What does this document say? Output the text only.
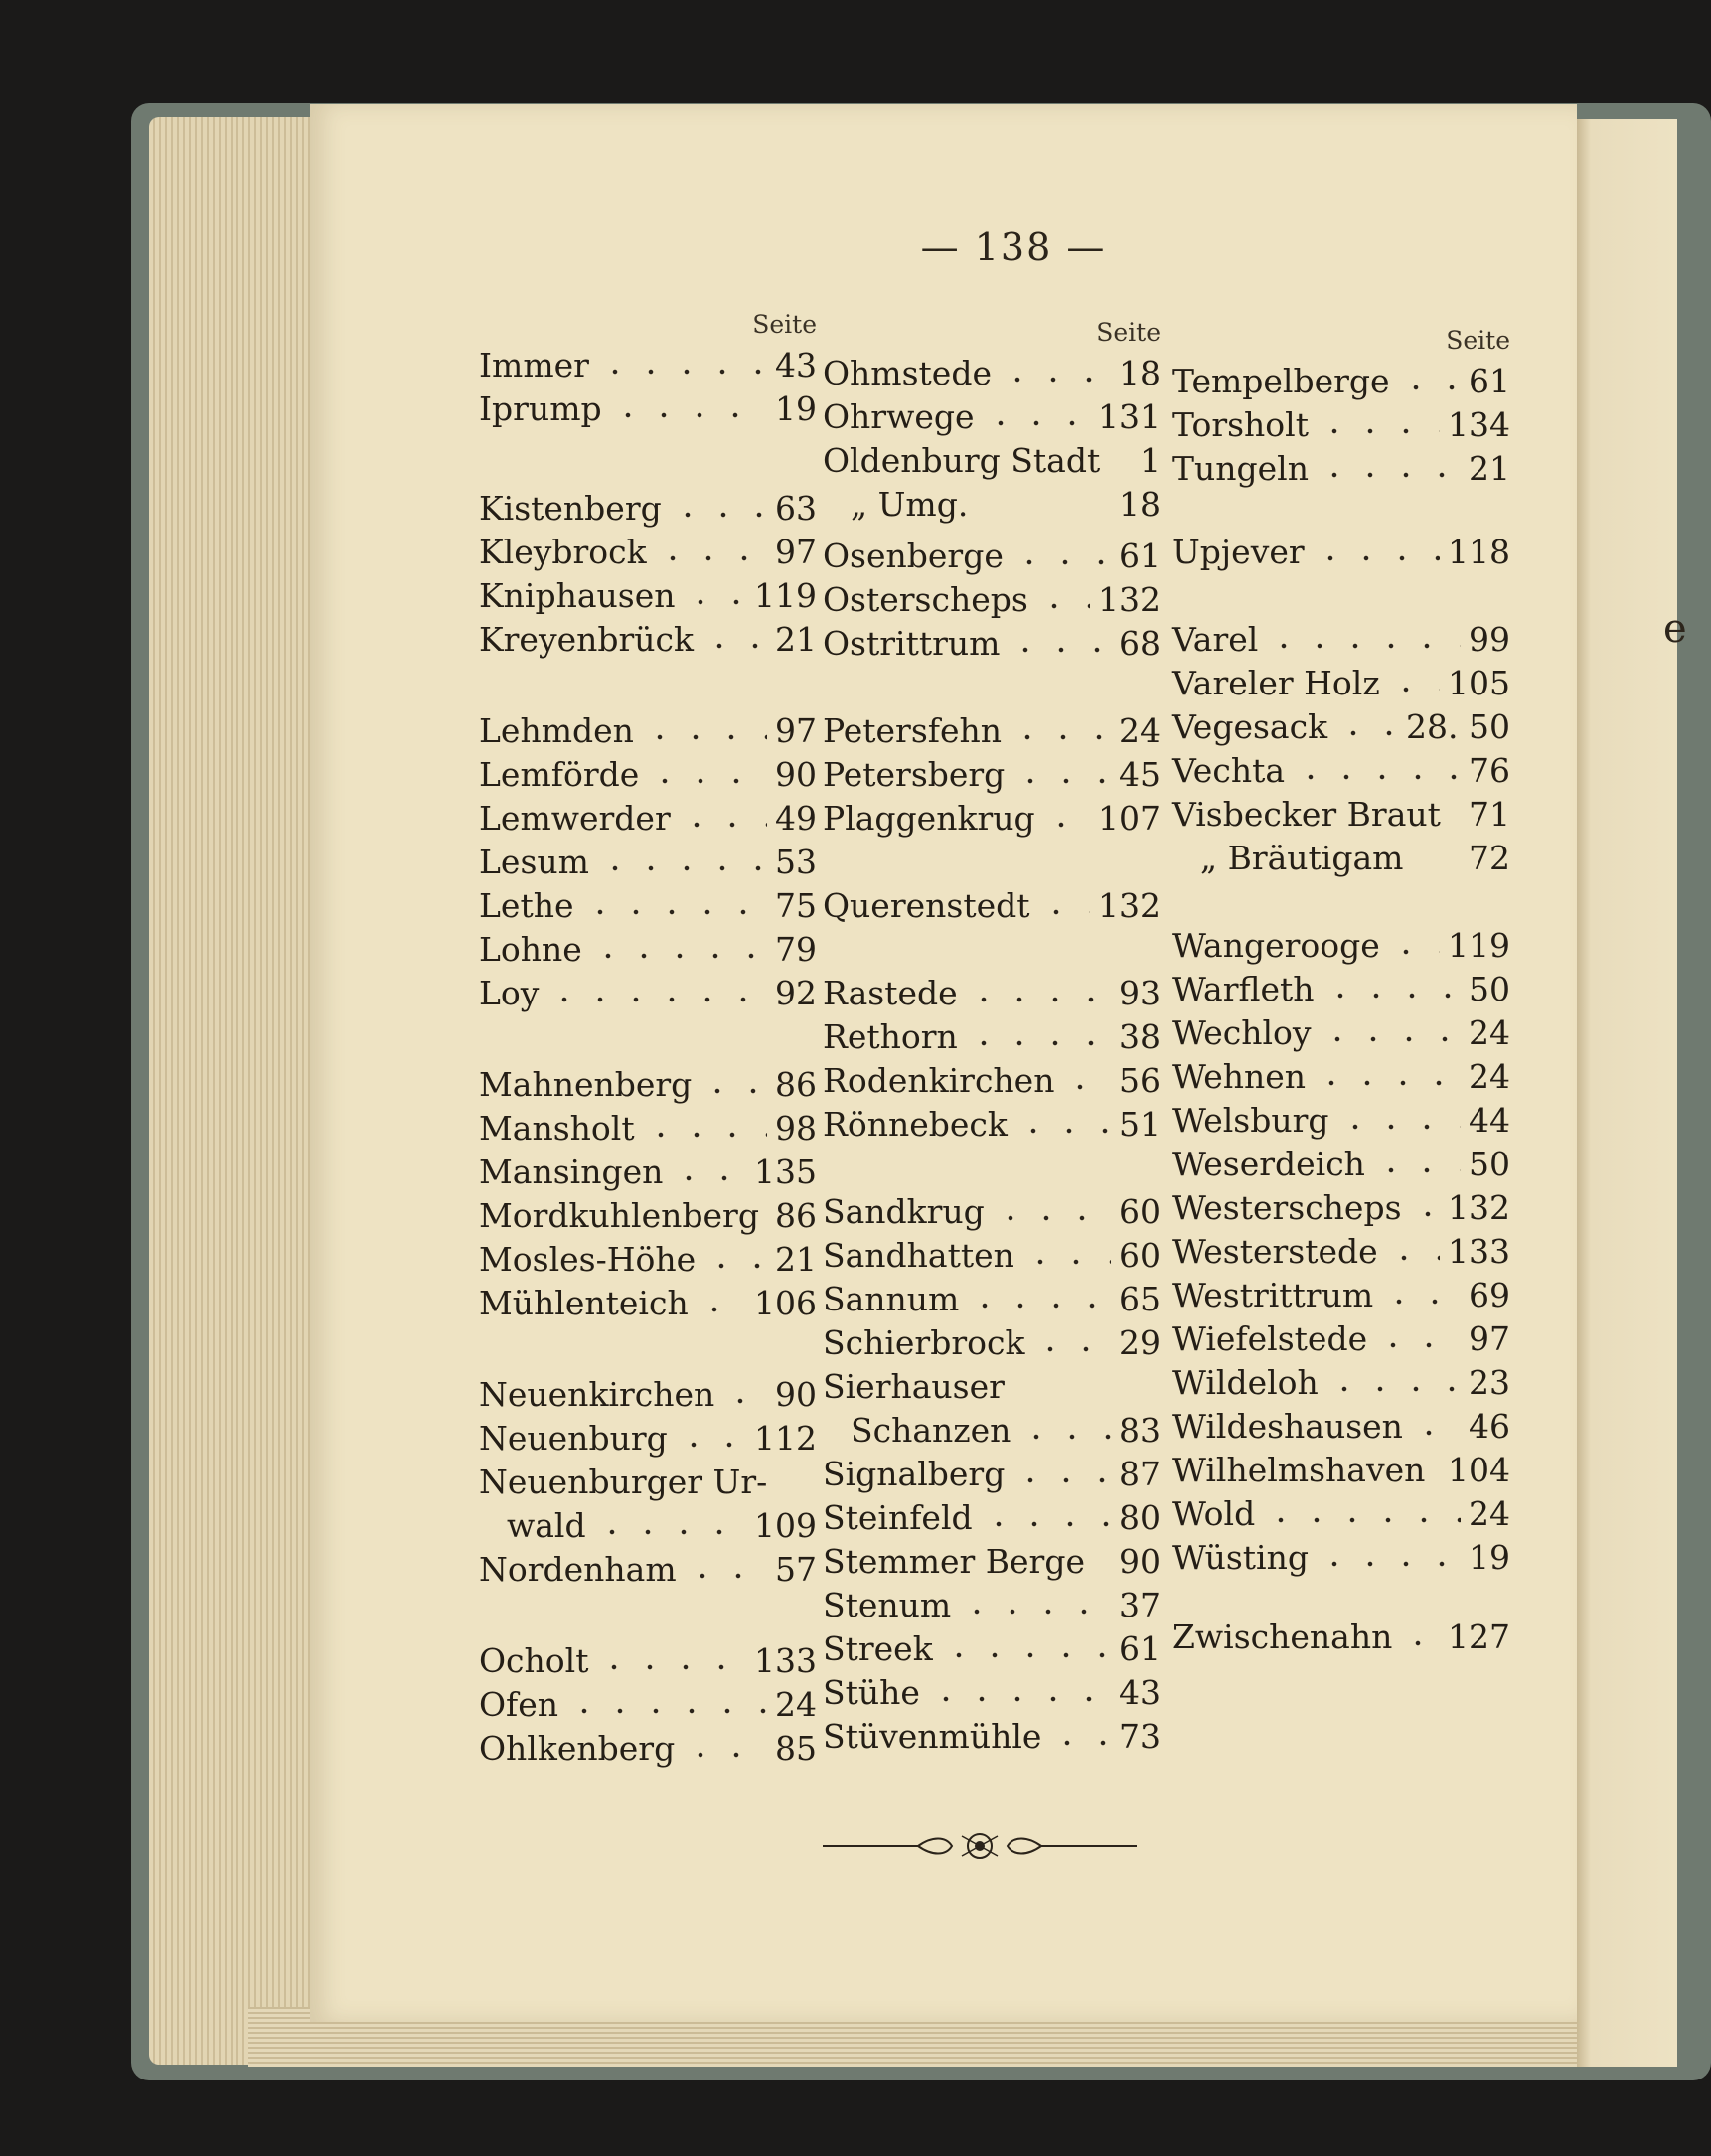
e
— 138 —
Seite
Immer	43
Iprump	19
Kistenberg	63
Kleybrock	97
Kniphausen 119
Kreyenbrück 21
Lehmden	97
Lemförde	90
Lemwerder	49
Lesum	53
Lethe	75
Lohne	79
Loy	92
Mahnenberg	86
Mansholt	98
Mansingen	135
Mordkuhlenberg 86
Mosles-Höhe 21
Mühlenteich 106
Neuenkirchen 90
Neuenburg	112
Neuenburger Ur-
wald	109
Nordenham	57
Ocholt	133
Ofen	24
Ohlkenberg	85
Seite
Ohmstede	18
Ohrwege	131
Oldenburg Stadt 1
„ Umg.	18
Osenberge	61
Osterscheps 132
Ostrittrum	68
Petersfehn	24
Petersberg	45
Plaggenkrug 107
Querenstedt 132
Rastede	93
Rethorn	38
Rodenkirchen 56
Rönnebeck	51
Sandkrug	60
Sandhatten	60
Sannum	65
Schierbrock	29
Sierhauser
Schanzen	83
Signalberg	87
Steinfeld	80
Stemmer Berge 90
Stenum	37
Streek	61
Stühe	43
Stüvenmühle 73
Seite
Tempelberge 61
Torsholt	134
Tungeln	21
Upjever	118
Varel	99
Vareler Holz 105
Vegesack 28. 50
Vechta	76
Visbecker Braut 71
„ Bräutigam 72
Wangerooge 119
Warfleth	50
Wechloy	24
Wehnen	24
Welsburg	44
Weserdeich	50
Westerscheps 132
Westerstede 133
Westrittrum	69
Wiefelstede	97
Wildeloh	23
Wildeshausen 46
Wilhelmshaven 104
Wold	24
Wüsting	19
Zwischenahn 127
